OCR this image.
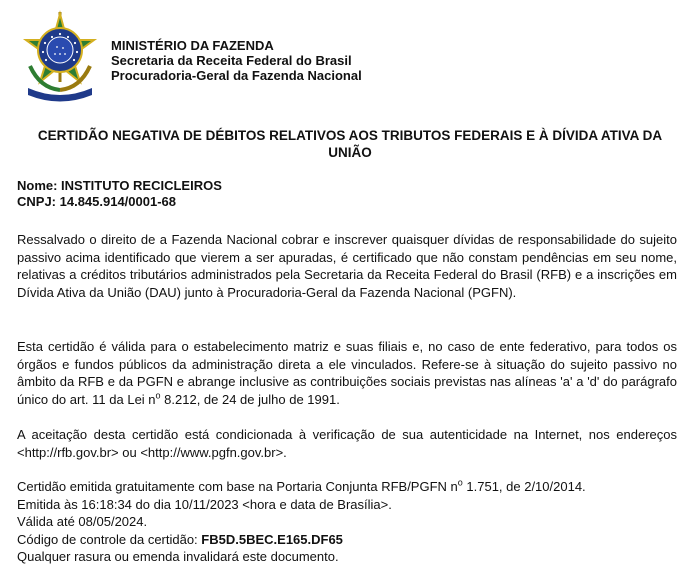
MINISTÉRIO DA FAZENDA
Secretaria da Receita Federal do Brasil
Procuradoria-Geral da Fazenda Nacional
CERTIDÃO NEGATIVA DE DÉBITOS RELATIVOS AOS TRIBUTOS FEDERAIS E À DÍVIDA ATIVA DA UNIÃO
Nome: INSTITUTO RECICLEIROS
CNPJ: 14.845.914/0001-68
Ressalvado o direito de a Fazenda Nacional cobrar e inscrever quaisquer dívidas de responsabilidade do sujeito passivo acima identificado que vierem a ser apuradas, é certificado que não constam pendências em seu nome, relativas a créditos tributários administrados pela Secretaria da Receita Federal do Brasil (RFB) e a inscrições em Dívida Ativa da União (DAU) junto à Procuradoria-Geral da Fazenda Nacional (PGFN).
Esta certidão é válida para o estabelecimento matriz e suas filiais e, no caso de ente federativo, para todos os órgãos e fundos públicos da administração direta a ele vinculados. Refere-se à situação do sujeito passivo no âmbito da RFB e da PGFN e abrange inclusive as contribuições sociais previstas nas alíneas 'a' a 'd' do parágrafo único do art. 11 da Lei $n^o$ 8.212, de 24 de julho de 1991.
A aceitação desta certidão está condicionada à verificação de sua autenticidade na Internet, nos endereços <http://rfb.gov.br> ou <http://www.pgfn.gov.br>.
Certidão emitida gratuitamente com base na Portaria Conjunta RFB/PGFN $n^o$ 1.751, de 2/10/2014.
Emitida às 16:18:34 do dia 10/11/2023 <hora e data de Brasília>.
Válida até 08/05/2024.
Código de controle da certidão: FB5D.5BEC.E165.DF65
Qualquer rasura ou emenda invalidará este documento.
